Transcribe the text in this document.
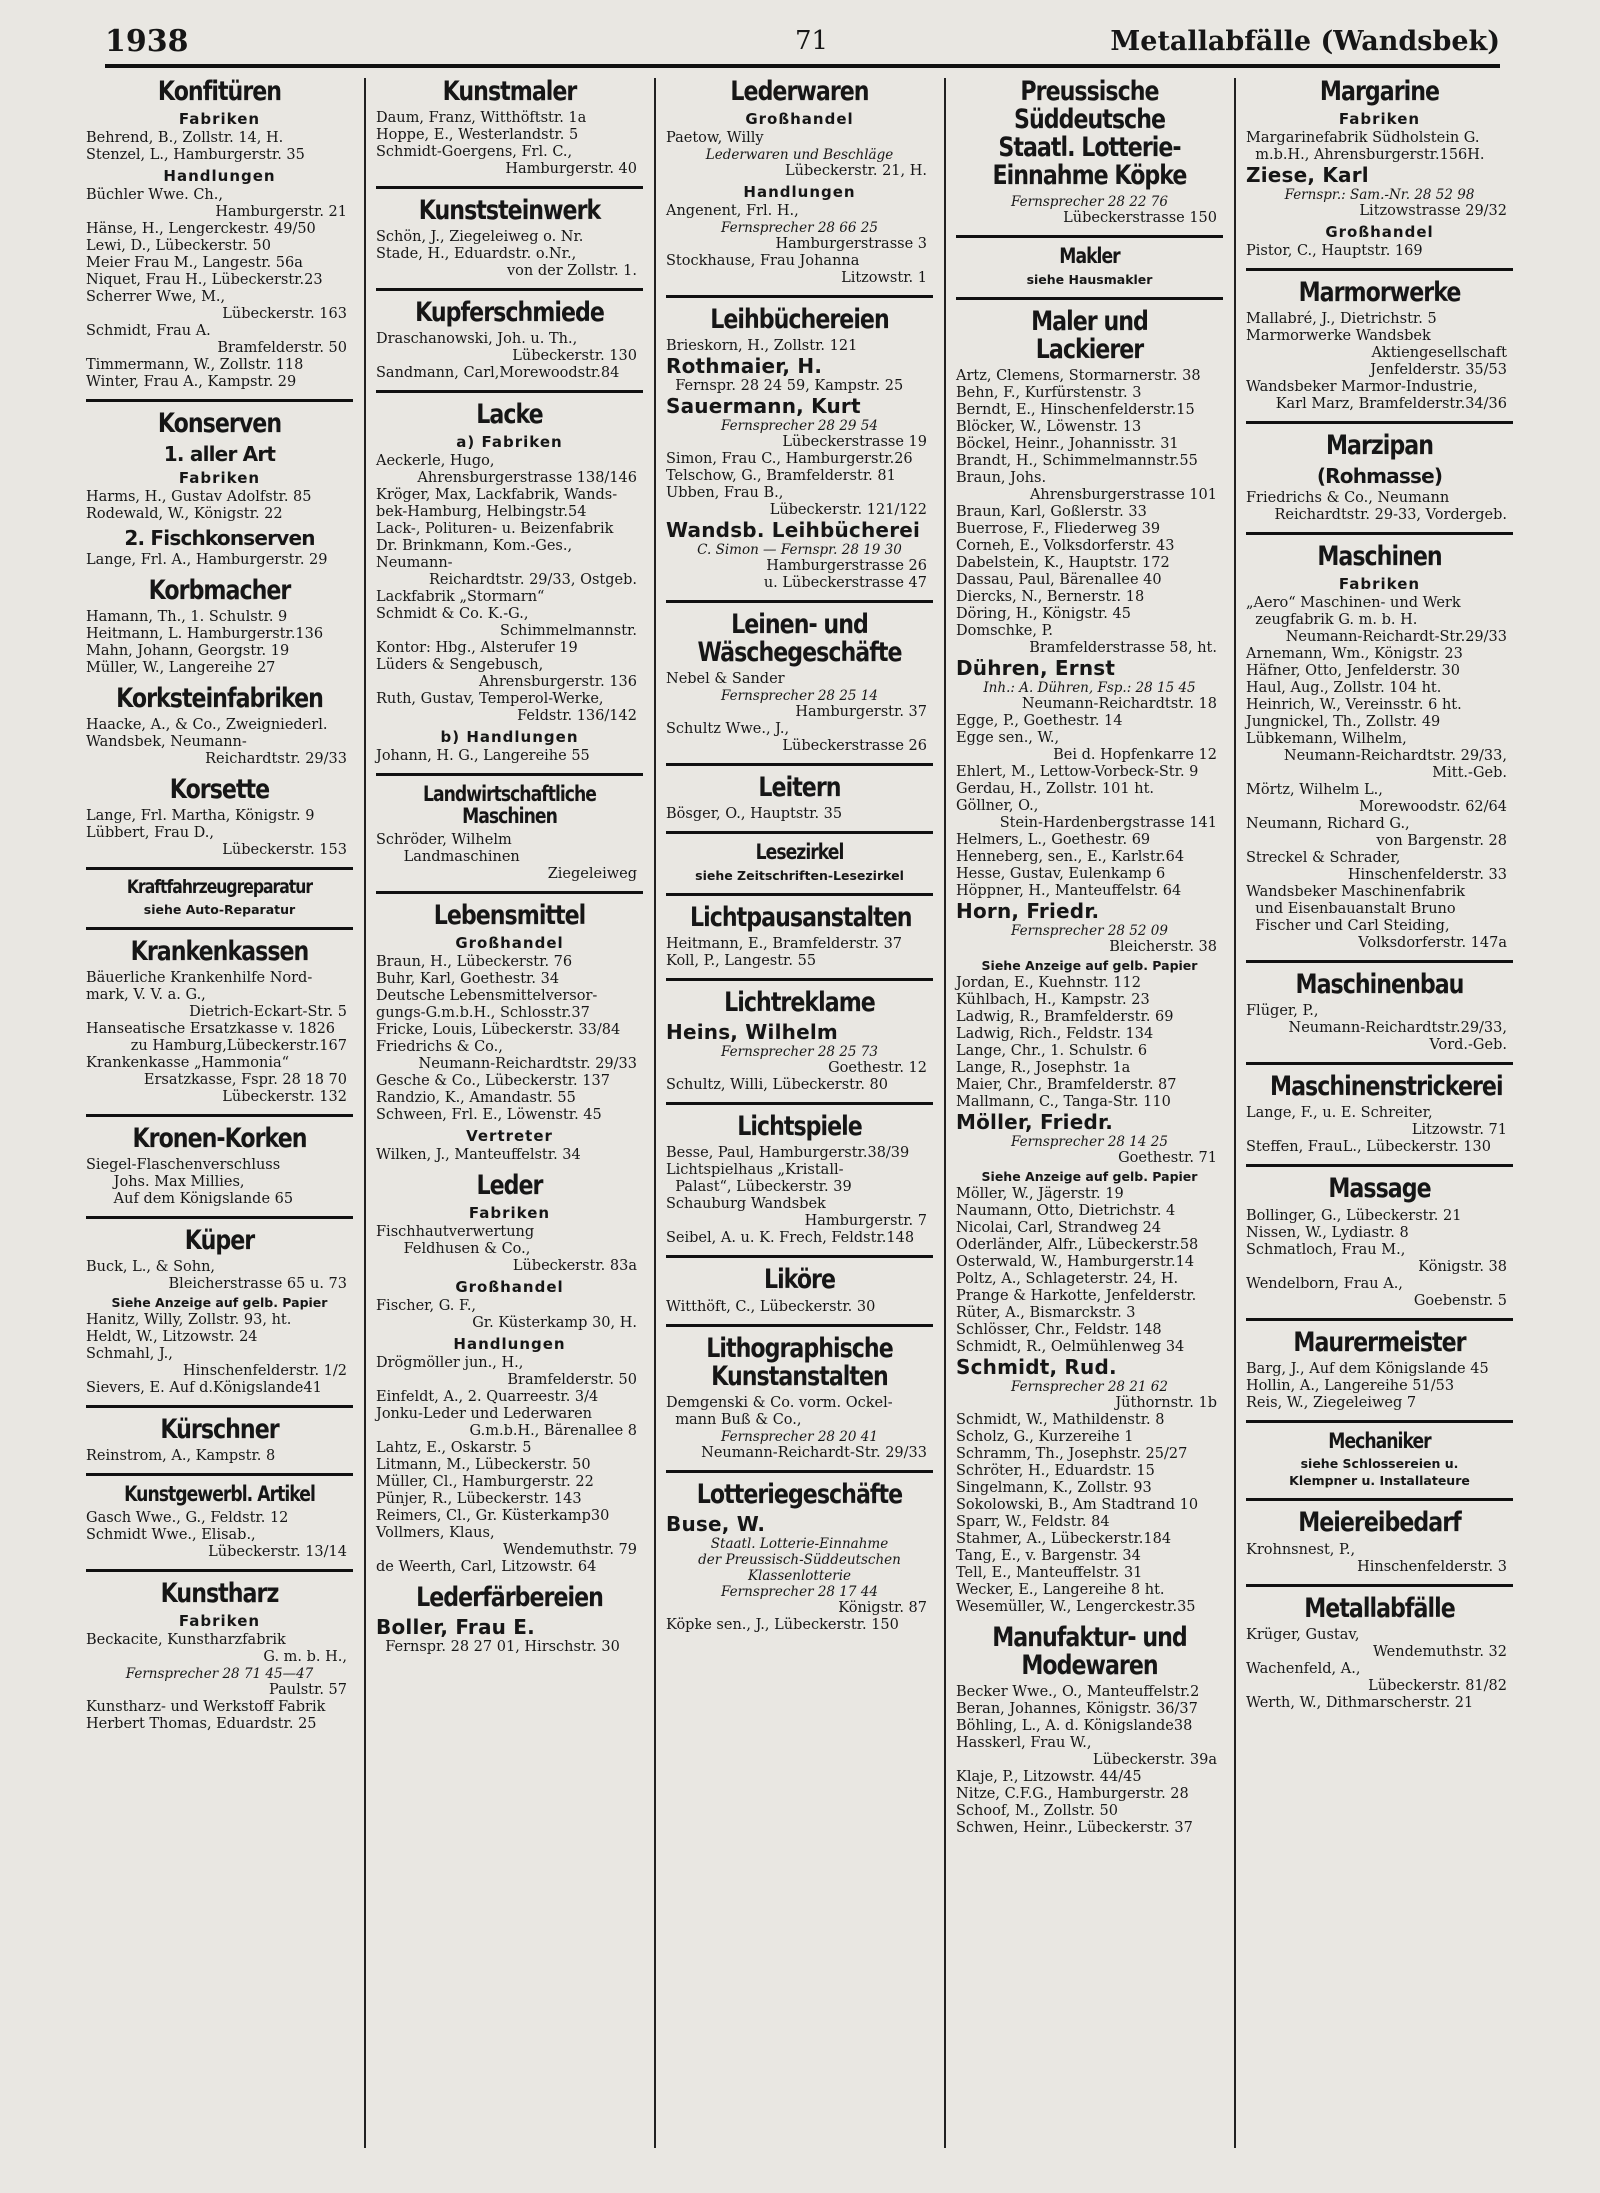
1938	71	Metallabfälle (Wandsbek)
Konfitüren
Fabriken
Behrend, B., Zollstr. 14, H.
Stenzel, L., Hamburgerstr. 35
Handlungen
Büchler Wwe. Ch.,
Hamburgerstr. 21
Hänse, H., Lengerckestr. 49/50
Lewi, D., Lübeckerstr. 50
Meier Frau M., Langestr. 56a
Niquet, Frau H., Lübeckerstr.23
Scherrer Wwe, M.,
Lübeckerstr. 163
Schmidt, Frau A.
Bramfelderstr. 50
Timmermann, W., Zollstr. 118
Winter, Frau A., Kampstr. 29
Konserven
1. aller Art
Fabriken
Harms, H., Gustav Adolfstr. 85
Rodewald, W., Königstr. 22
2. Fischkonserven
Lange, Frl. A., Hamburgerstr. 29
Korbmacher
Hamann, Th., 1. Schulstr. 9
Heitmann, L. Hamburgerstr.136
Mahn, Johann, Georgstr. 19
Müller, W., Langereihe 27
Korksteinfabriken
Haacke, A., & Co., Zweigniederl.
Wandsbek, Neumann-
Reichardtstr. 29/33
Korsette
Lange, Frl. Martha, Königstr. 9
Lübbert, Frau D.,
Lübeckerstr. 153
Kraftfahrzeugreparatur
siehe Auto-Reparatur
Krankenkassen
Bäuerliche Krankenhilfe Nord-
mark, V. V. a. G.,
Dietrich-Eckart-Str. 5
Hanseatische Ersatzkasse v. 1826
zu Hamburg,Lübeckerstr.167
Krankenkasse „Hammonia“
Ersatzkasse, Fspr. 28 18 70
Lübeckerstr. 132
Kronen-Korken
Siegel-Flaschenverschluss
Johs. Max Millies,
Auf dem Königslande 65
Küper
Buck, L., & Sohn,
Bleicherstrasse 65 u. 73
Siehe Anzeige auf gelb. Papier
Hanitz, Willy, Zollstr. 93, ht.
Heldt, W., Litzowstr. 24
Schmahl, J.,
Hinschenfelderstr. 1/2
Sievers, E. Auf d.Königslande41
Kürschner
Reinstrom, A., Kampstr. 8
Kunstgewerbl. Artikel
Gasch Wwe., G., Feldstr. 12
Schmidt Wwe., Elisab.,
Lübeckerstr. 13/14
Kunstharz
Fabriken
Beckacite, Kunstharzfabrik
G. m. b. H.,
Fernsprecher 28 71 45—47
Paulstr. 57
Kunstharz- und Werkstoff Fabrik
Herbert Thomas, Eduardstr. 25
Kunstmaler
Daum, Franz, Witthöftstr. 1a
Hoppe, E., Westerlandstr. 5
Schmidt-Goergens, Frl. C.,
Hamburgerstr. 40
Kunststeinwerk
Schön, J., Ziegeleiweg o. Nr.
Stade, H., Eduardstr. o.Nr.,
von der Zollstr. 1.
Kupferschmiede
Draschanowski, Joh. u. Th.,
Lübeckerstr. 130
Sandmann, Carl,Morewoodstr.84
Lacke
a) Fabriken
Aeckerle, Hugo,
Ahrensburgerstrasse 138/146
Kröger, Max, Lackfabrik, Wands-
bek-Hamburg, Helbingstr.54
Lack-, Polituren- u. Beizenfabrik
Dr. Brinkmann, Kom.-Ges.,
Neumann-
Reichardtstr. 29/33, Ostgeb.
Lackfabrik „Stormarn“
Schmidt & Co. K.-G.,
Schimmelmannstr.
Kontor: Hbg., Alsterufer 19
Lüders & Sengebusch,
Ahrensburgerstr. 136
Ruth, Gustav, Temperol-Werke,
Feldstr. 136/142
b) Handlungen
Johann, H. G., Langereihe 55
Landwirtschaftliche Maschinen
Schröder, Wilhelm
Landmaschinen
Ziegeleiweg
Lebensmittel
Großhandel
Braun, H., Lübeckerstr. 76
Buhr, Karl, Goethestr. 34
Deutsche Lebensmittelversor-
gungs-G.m.b.H., Schlosstr.37
Fricke, Louis, Lübeckerstr. 33/84
Friedrichs & Co.,
Neumann-Reichardtstr. 29/33
Gesche & Co., Lübeckerstr. 137
Randzio, K., Amandastr. 55
Schween, Frl. E., Löwenstr. 45
Vertreter
Wilken, J., Manteuffelstr. 34
Leder
Fabriken
Fischhautverwertung
Feldhusen & Co.,
Lübeckerstr. 83a
Großhandel
Fischer, G. F.,
Gr. Küsterkamp 30, H.
Handlungen
Drögmöller jun., H.,
Bramfelderstr. 50
Einfeldt, A., 2. Quarreestr. 3/4
Jonku-Leder und Lederwaren
G.m.b.H., Bärenallee 8
Lahtz, E., Oskarstr. 5
Litmann, M., Lübeckerstr. 50
Müller, Cl., Hamburgerstr. 22
Pünjer, R., Lübeckerstr. 143
Reimers, Cl., Gr. Küsterkamp30
Vollmers, Klaus,
Wendemuthstr. 79
de Weerth, Carl, Litzowstr. 64
Lederfärbereien
Boller, Frau E.
Fernspr. 28 27 01, Hirschstr. 30
Lederwaren
Großhandel
Paetow, Willy
Lederwaren und Beschläge
Lübeckerstr. 21, H.
Handlungen
Angenent, Frl. H.,
Fernsprecher 28 66 25
Hamburgerstrasse 3
Stockhause, Frau Johanna
Litzowstr. 1
Leihbüchereien
Brieskorn, H., Zollstr. 121
Rothmaier, H.
Fernspr. 28 24 59, Kampstr. 25
Sauermann, Kurt
Fernsprecher 28 29 54
Lübeckerstrasse 19
Simon, Frau C., Hamburgerstr.26
Telschow, G., Bramfelderstr. 81
Ubben, Frau B.,
Lübeckerstr. 121/122
Wandsb. Leihbücherei
C. Simon — Fernspr. 28 19 30
Hamburgerstrasse 26
u. Lübeckerstrasse 47
Leinen- und Wäschegeschäfte
Nebel & Sander
Fernsprecher 28 25 14
Hamburgerstr. 37
Schultz Wwe., J.,
Lübeckerstrasse 26
Leitern
Bösger, O., Hauptstr. 35
Lesezirkel
siehe Zeitschriften-Lesezirkel
Lichtpausanstalten
Heitmann, E., Bramfelderstr. 37
Koll, P., Langestr. 55
Lichtreklame
Heins, Wilhelm
Fernsprecher 28 25 73
Goethestr. 12
Schultz, Willi, Lübeckerstr. 80
Lichtspiele
Besse, Paul, Hamburgerstr.38/39
Lichtspielhaus „Kristall-
Palast“, Lübeckerstr. 39
Schauburg Wandsbek
Hamburgerstr. 7
Seibel, A. u. K. Frech, Feldstr.148
Liköre
Witthöft, C., Lübeckerstr. 30
Lithographische Kunstanstalten
Demgenski & Co. vorm. Ockel-
mann Buß & Co.,
Fernsprecher 28 20 41
Neumann-Reichardt-Str. 29/33
Lotteriegeschäfte
Buse, W.
Staatl. Lotterie-Einnahme
der Preussisch-Süddeutschen
Klassenlotterie
Fernsprecher 28 17 44
Königstr. 87
Köpke sen., J., Lübeckerstr. 150
Preussische Süddeutsche Staatl. Lotterie-Einnahme Köpke
Fernsprecher 28 22 76
Lübeckerstrasse 150
Makler
siehe Hausmakler
Maler und Lackierer
Artz, Clemens, Stormarnerstr. 38
Behn, F., Kurfürstenstr. 3
Berndt, E., Hinschenfelderstr.15
Blöcker, W., Löwenstr. 13
Böckel, Heinr., Johannisstr. 31
Brandt, H., Schimmelmannstr.55
Braun, Johs.
Ahrensburgerstrasse 101
Braun, Karl, Goßlerstr. 33
Buerrose, F., Fliederweg 39
Corneh, E., Volksdorferstr. 43
Dabelstein, K., Hauptstr. 172
Dassau, Paul, Bärenallee 40
Diercks, N., Bernerstr. 18
Döring, H., Königstr. 45
Domschke, P.
Bramfelderstrasse 58, ht.
Dühren, Ernst
Inh.: A. Dühren, Fsp.: 28 15 45
Neumann-Reichardtstr. 18
Egge, P., Goethestr. 14
Egge sen., W.,
Bei d. Hopfenkarre 12
Ehlert, M., Lettow-Vorbeck-Str. 9
Gerdau, H., Zollstr. 101 ht.
Göllner, O.,
Stein-Hardenbergstrasse 141
Helmers, L., Goethestr. 69
Henneberg, sen., E., Karlstr.64
Hesse, Gustav, Eulenkamp 6
Höppner, H., Manteuffelstr. 64
Horn, Friedr.
Fernsprecher 28 52 09
Bleicherstr. 38
Siehe Anzeige auf gelb. Papier
Jordan, E., Kuehnstr. 112
Kühlbach, H., Kampstr. 23
Ladwig, R., Bramfelderstr. 69
Ladwig, Rich., Feldstr. 134
Lange, Chr., 1. Schulstr. 6
Lange, R., Josephstr. 1a
Maier, Chr., Bramfelderstr. 87
Mallmann, C., Tanga-Str. 110
Möller, Friedr.
Fernsprecher 28 14 25
Goethestr. 71
Siehe Anzeige auf gelb. Papier
Möller, W., Jägerstr. 19
Naumann, Otto, Dietrichstr. 4
Nicolai, Carl, Strandweg 24
Oderländer, Alfr., Lübeckerstr.58
Osterwald, W., Hamburgerstr.14
Poltz, A., Schlageterstr. 24, H.
Prange & Harkotte, Jenfelderstr.
Rüter, A., Bismarckstr. 3
Schlösser, Chr., Feldstr. 148
Schmidt, R., Oelmühlenweg 34
Schmidt, Rud.
Fernsprecher 28 21 62
Jüthornstr. 1b
Schmidt, W., Mathildenstr. 8
Scholz, G., Kurzereihe 1
Schramm, Th., Josephstr. 25/27
Schröter, H., Eduardstr. 15
Singelmann, K., Zollstr. 93
Sokolowski, B., Am Stadtrand 10
Sparr, W., Feldstr. 84
Stahmer, A., Lübeckerstr.184
Tang, E., v. Bargenstr. 34
Tell, E., Manteuffelstr. 31
Wecker, E., Langereihe 8 ht.
Wesemüller, W., Lengerckestr.35
Manufaktur- und Modewaren
Becker Wwe., O., Manteuffelstr.2
Beran, Johannes, Königstr. 36/37
Böhling, L., A. d. Königslande38
Hasskerl, Frau W.,
Lübeckerstr. 39a
Klaje, P., Litzowstr. 44/45
Nitze, C.F.G., Hamburgerstr. 28
Schoof, M., Zollstr. 50
Schwen, Heinr., Lübeckerstr. 37
Margarine
Fabriken
Margarinefabrik Südholstein G.
m.b.H., Ahrensburgerstr.156H.
Ziese, Karl
Fernspr.: Sam.-Nr. 28 52 98
Litzowstrasse 29/32
Großhandel
Pistor, C., Hauptstr. 169
Marmorwerke
Mallabré, J., Dietrichstr. 5
Marmorwerke Wandsbek
Aktiengesellschaft
Jenfelderstr. 35/53
Wandsbeker Marmor-Industrie,
Karl Marz, Bramfelderstr.34/36
Marzipan
(Rohmasse)
Friedrichs & Co., Neumann
Reichardtstr. 29-33, Vordergeb.
Maschinen
Fabriken
„Aero“ Maschinen- und Werk
zeugfabrik G. m. b. H.
Neumann-Reichardt-Str.29/33
Arnemann, Wm., Königstr. 23
Häfner, Otto, Jenfelderstr. 30
Haul, Aug., Zollstr. 104 ht.
Heinrich, W., Vereinsstr. 6 ht.
Jungnickel, Th., Zollstr. 49
Lübkemann, Wilhelm,
Neumann-Reichardtstr. 29/33,
Mitt.-Geb.
Mörtz, Wilhelm L.,
Morewoodstr. 62/64
Neumann, Richard G.,
von Bargenstr. 28
Streckel & Schrader,
Hinschenfelderstr. 33
Wandsbeker Maschinenfabrik
und Eisenbauanstalt Bruno
Fischer und Carl Steiding,
Volksdorferstr. 147a
Maschinenbau
Flüger, P.,
Neumann-Reichardtstr.29/33,
Vord.-Geb.
Maschinenstrickerei
Lange, F., u. E. Schreiter,
Litzowstr. 71
Steffen, FrauL., Lübeckerstr. 130
Massage
Bollinger, G., Lübeckerstr. 21
Nissen, W., Lydiastr. 8
Schmatloch, Frau M.,
Königstr. 38
Wendelborn, Frau A.,
Goebenstr. 5
Maurermeister
Barg, J., Auf dem Königslande 45
Hollin, A., Langereihe 51/53
Reis, W., Ziegeleiweg 7
Mechaniker
siehe Schlossereien u.
Klempner u. Installateure
Meiereibedarf
Krohnsnest, P.,
Hinschenfelderstr. 3
Metallabfälle
Krüger, Gustav,
Wendemuthstr. 32
Wachenfeld, A.,
Lübeckerstr. 81/82
Werth, W., Dithmarscherstr. 21
